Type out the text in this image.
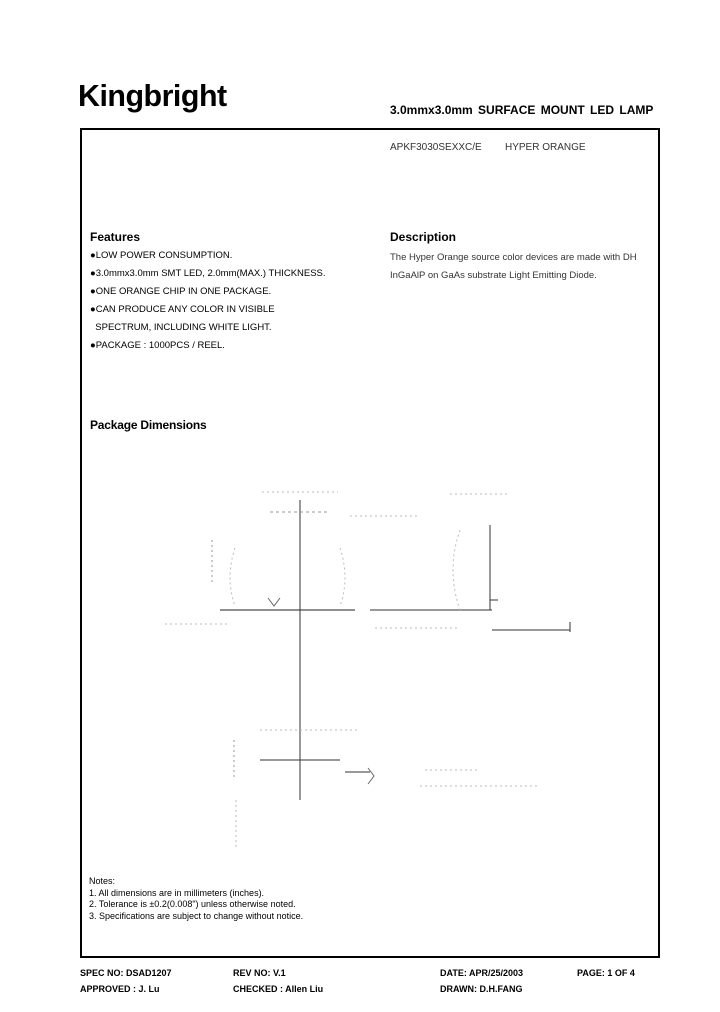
Kingbright	3.0mmx3.0mm SURFACE MOUNT LED LAMP
APKF3030SEXXC/E HYPER ORANGE
Features
●LOW POWER CONSUMPTION.
●3.0mmx3.0mm SMT LED, 2.0mm(MAX.) THICKNESS.
●ONE ORANGE CHIP IN ONE PACKAGE.
●CAN PRODUCE ANY COLOR IN VISIBLE
SPECTRUM, INCLUDING WHITE LIGHT.
●PACKAGE : 1000PCS / REEL.
Description
The Hyper Orange source color devices are made with DH InGaAlP on GaAs substrate Light Emitting Diode.
Package Dimensions

Notes:

1. All dimensions are in millimeters (inches).

2. Tolerance is ±0.2(0.008") unless otherwise noted.

3. Specifications are subject to change without notice.

SPEC NO: DSAD1207	REV NO: V.1	DATE: APR/25/2003	PAGE: 1 OF 4
APPROVED : J. Lu	CHECKED : Allen Liu	DRAWN: D.H.FANG
